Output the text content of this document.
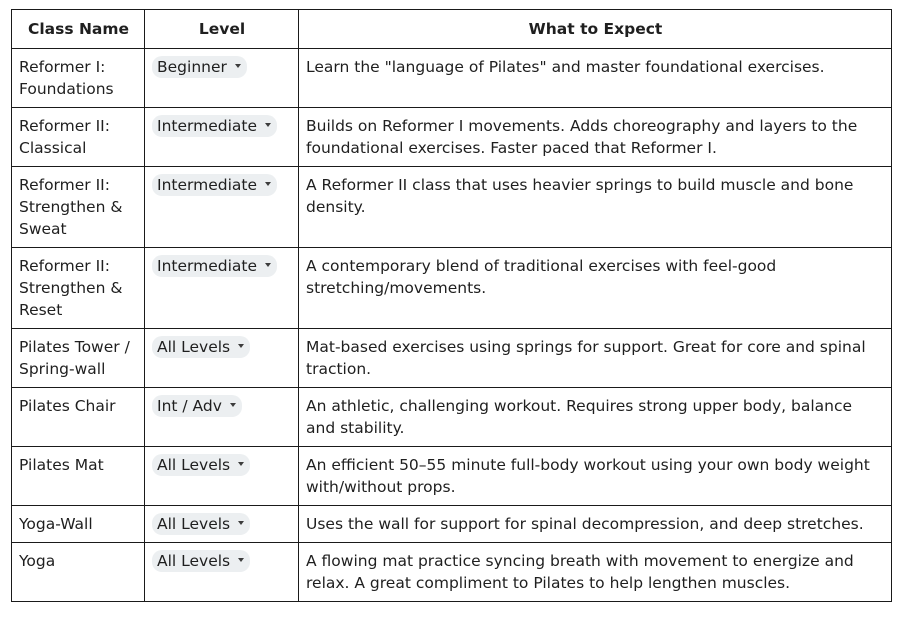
Class Name	Level	What to Expect
Reformer I: Foundations	Beginner	Learn the "language of Pilates" and master foundational exercises.
Reformer II: Classical	Intermediate	Builds on Reformer I movements. Adds choreography and layers to the foundational exercises. Faster paced that Reformer I.
Reformer II: Strengthen & Sweat	Intermediate	A Reformer II class that uses heavier springs to build muscle and bone density.
Reformer II: Strengthen & Reset	Intermediate	A contemporary blend of traditional exercises with feel-good stretching/movements.
Pilates Tower / Spring-wall	All Levels	Mat-based exercises using springs for support. Great for core and spinal traction.
Pilates Chair	Int / Adv	An athletic, challenging workout. Requires strong upper body, balance and stability.
Pilates Mat	All Levels	An efficient 50–55 minute full-body workout using your own body weight with/without props.
Yoga-Wall	All Levels	Uses the wall for support for spinal decompression, and deep stretches.
Yoga	All Levels	A flowing mat practice syncing breath with movement to energize and relax. A great compliment to Pilates to help lengthen muscles.
